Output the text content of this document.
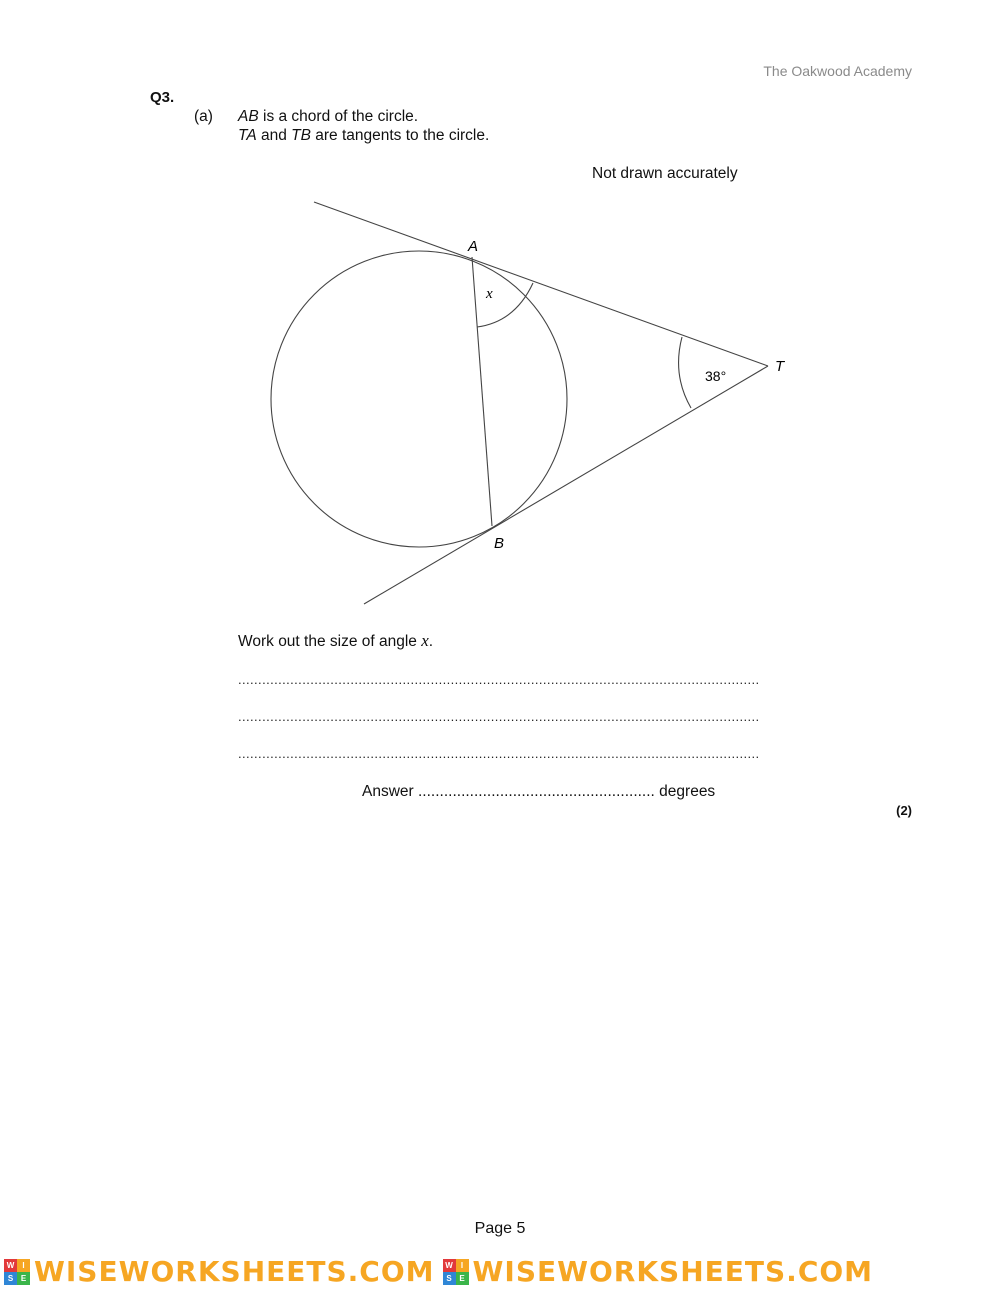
The Oakwood Academy
Q3.
(a) AB is a chord of the circle.
TA and TB are tangents to the circle.
Not drawn accurately
A
B
T
x
38°
Work out the size of angle x.
..................................................................................................................................
..................................................................................................................................
..................................................................................................................................
Answer ....................................................... degrees
(2)
Page 5
W	I
S E WISEWORKSHEETS.COM	W	I
S E WISEWORKSHEETS.COM
